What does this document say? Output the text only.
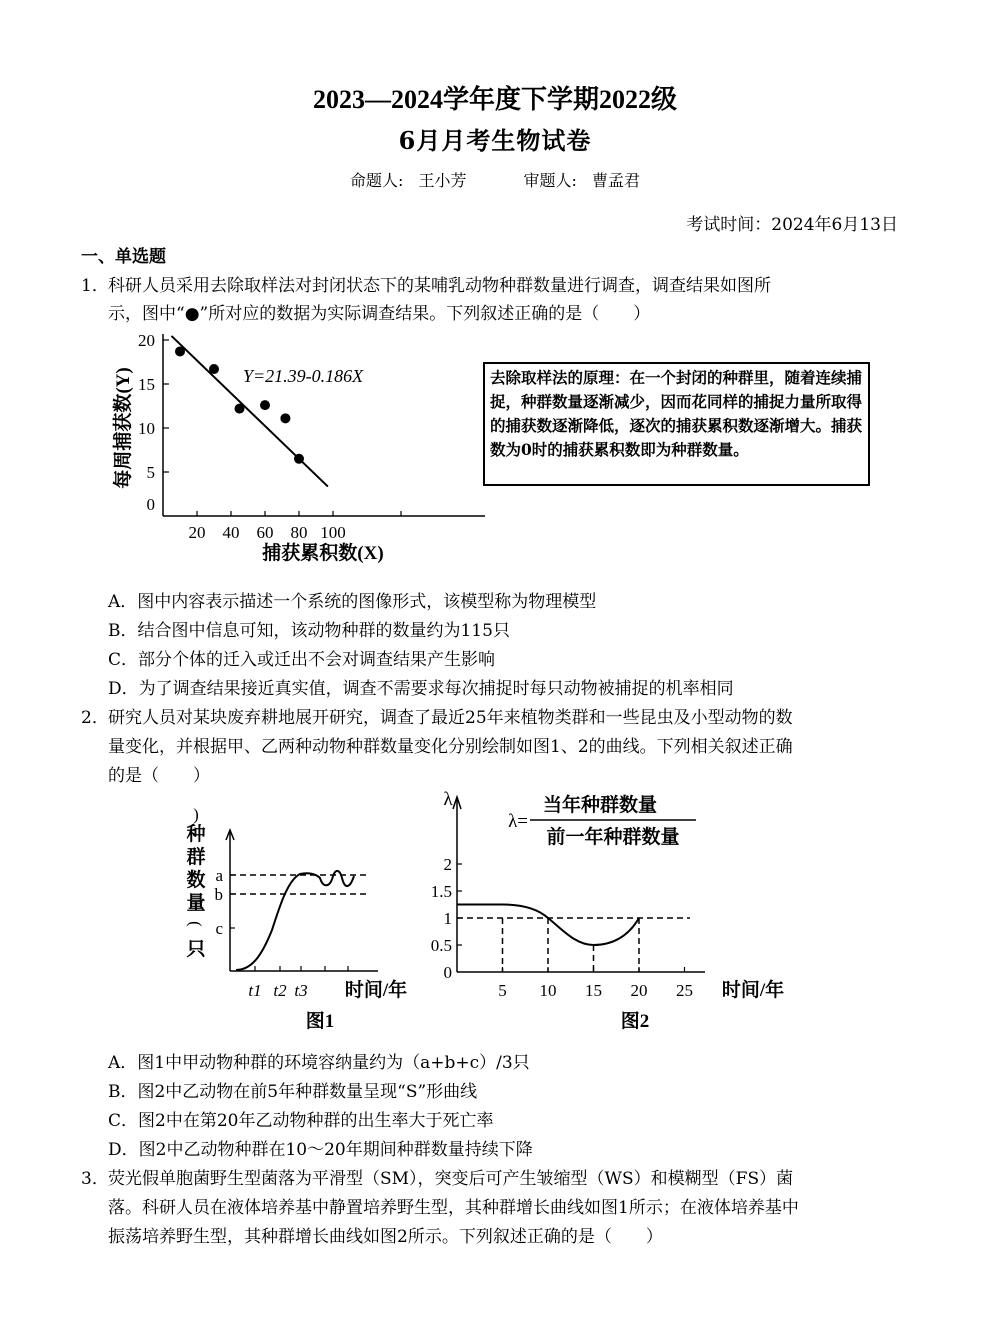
2023—2024学年度下学期2022级
6月月考生物试卷
命题人: 王小芳	审题人: 曹孟君
考试时间：2024年6月13日
一、单选题
1． 科研人员采用去除取样法对封闭状态下的某哺乳动物种群数量进行调查，调查结果如图所
示，图中“●”所对应的数据为实际调查结果。下列叙述正确的是（　　）
0
5
10
15
20
20 40 60 80 100
Y=21.39-0.186X
捕获累积数(X)
每周捕获数(Y)	去除取样法的原理：在一个封闭的种群里，随着连续捕捉，种群数量逐渐减少，因而花同样的捕捉力量所取得的捕获数逐渐降低，逐次的捕获累积数逐渐增大。捕获数为0时的捕获累积数即为种群数量。
A．图中内容表示描述一个系统的图像形式，该模型称为物理模型
B．结合图中信息可知，该动物种群的数量约为115只
C．部分个体的迁入或迁出不会对调查结果产生影响
D．为了调查结果接近真实值，调查不需要求每次捕捉时每只动物被捕捉的机率相同
2． 研究人员对某块废弃耕地展开研究，调查了最近25年来植物类群和一些昆虫及小型动物的数
量变化，并根据甲、乙两种动物种群数量变化分别绘制如图1、2的曲线。下列相关叙述正确
的是（　　）
种
群
数
量
(
只
)
a
b
c
t1 t2 t3 时间/年
图1
λ
λ=
当年种群数量
前一年种群数量
0
0.5
1
1.5
2
5 10 15 20 25 时间/年
图2
A．图1中甲动物种群的环境容纳量约为（a+b+c）/3只
B．图2中乙动物在前5年种群数量呈现“S”形曲线
C．图2中在第20年乙动物种群的出生率大于死亡率
D．图2中乙动物种群在10～20年期间种群数量持续下降
3． 荧光假单胞菌野生型菌落为平滑型（SM），突变后可产生皱缩型（WS）和模糊型（FS）菌
落。科研人员在液体培养基中静置培养野生型，其种群增长曲线如图1所示；在液体培养基中
振荡培养野生型，其种群增长曲线如图2所示。下列叙述正确的是（　　）
